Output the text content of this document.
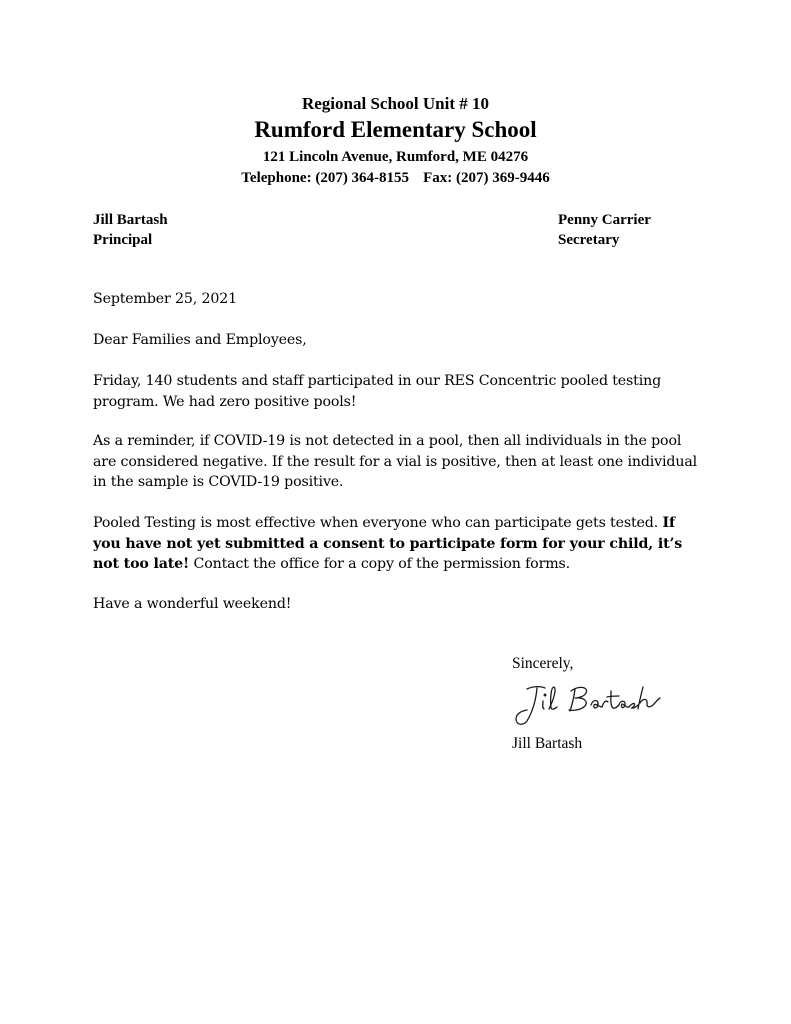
Regional School Unit # 10
Rumford Elementary School
121 Lincoln Avenue, Rumford, ME 04276
Telephone: (207) 364-8155 Fax: (207) 369-9446
Jill Bartash
Principal
Penny Carrier
Secretary
September 25, 2021
Dear Families and Employees,
Friday, 140 students and staff participated in our RES Concentric pooled testing program. We had zero positive pools!
As a reminder, if COVID-19 is not detected in a pool, then all individuals in the pool are considered negative. If the result for a vial is positive, then at least one individual in the sample is COVID-19 positive.
Pooled Testing is most effective when everyone who can participate gets tested. If you have not yet submitted a consent to participate form for your child, it’s not too late! Contact the office for a copy of the permission forms.
Have a wonderful weekend!
Sincerely,
Jill Bartash
